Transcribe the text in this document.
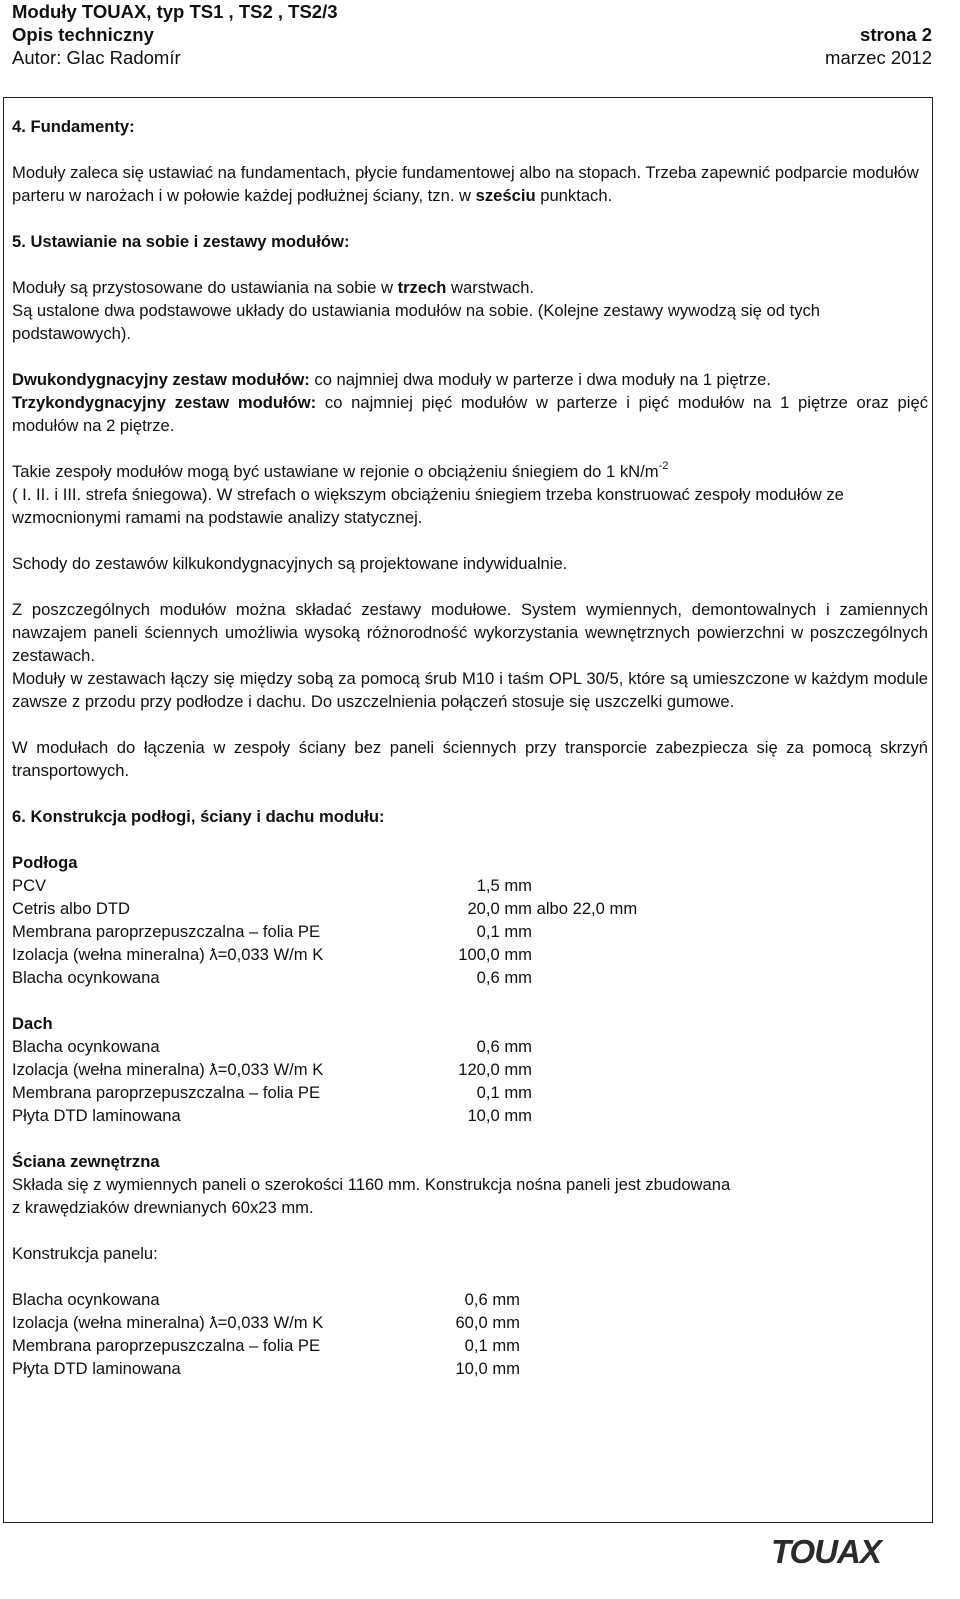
Moduły TOUAX, typ TS1 , TS2 , TS2/3
Opis techniczny	strona 2
Autor: Glac Radomír	marzec 2012

4. Fundamenty:

Moduły zaleca się ustawiać na fundamentach, płycie fundamentowej albo na stopach. Trzeba zapewnić podparcie modułów parteru w narożach i w połowie każdej podłużnej ściany, tzn. w sześciu punktach.

5. Ustawianie na sobie i zestawy modułów:

Moduły są przystosowane do ustawiania na sobie w trzech warstwach.

Są ustalone dwa podstawowe układy do ustawiania modułów na sobie. (Kolejne zestawy wywodzą się od tych podstawowych).

Dwukondygnacyjny zestaw modułów: co najmniej dwa moduły w parterze i dwa moduły na 1 piętrze.

Trzykondygnacyjny zestaw modułów: co najmniej pięć modułów w parterze i pięć modułów na 1 piętrze oraz pięć modułów na 2 piętrze.

Takie zespoły modułów mogą być ustawiane w rejonie o obciążeniu śniegiem do 1 $kN/m^{-2}$

( I. II. i III. strefa śniegowa). W strefach o większym obciążeniu śniegiem trzeba konstruować zespoły modułów ze wzmocnionymi ramami na podstawie analizy statycznej.

Schody do zestawów kilkukondygnacyjnych są projektowane indywidualnie.

Z poszczególnych modułów można składać zestawy modułowe. System wymiennych, demontowalnych i zamiennych nawzajem paneli ściennych umożliwia wysoką różnorodność wykorzystania wewnętrznych powierzchni w poszczególnych zestawach.

Moduły w zestawach łączy się między sobą za pomocą śrub M10 i taśm OPL 30/5, które są umieszczone w każdym module zawsze z przodu przy podłodze i dachu. Do uszczelnienia połączeń stosuje się uszczelki gumowe.

W modułach do łączenia w zespoły ściany bez paneli ściennych przy transporcie zabezpiecza się za pomocą skrzyń transportowych.

6. Konstrukcja podłogi, ściany i dachu modułu:

Podłoga

PCV	1,5 mm
Cetris albo DTD	20,0 mm albo 22,0 mm
Membrana paroprzepuszczalna – folia PE	0,1 mm
Izolacja (wełna mineralna) ƛ=0,033 W/m K	100,0 mm
Blacha ocynkowana	0,6 mm

Dach

Blacha ocynkowana	0,6 mm
Izolacja (wełna mineralna) ƛ=0,033 W/m K	120,0 mm
Membrana paroprzepuszczalna – folia PE	0,1 mm
Płyta DTD laminowana	10,0 mm

Ściana zewnętrzna

Składa się z wymiennych paneli o szerokości 1160 mm. Konstrukcja nośna paneli jest zbudowana

z krawędziaków drewnianych 60x23 mm.

Konstrukcja panelu:

Blacha ocynkowana	0,6 mm
Izolacja (wełna mineralna) ƛ=0,033 W/m K	60,0 mm
Membrana paroprzepuszczalna – folia PE	0,1 mm
Płyta DTD laminowana	10,0 mm
TOUAX
